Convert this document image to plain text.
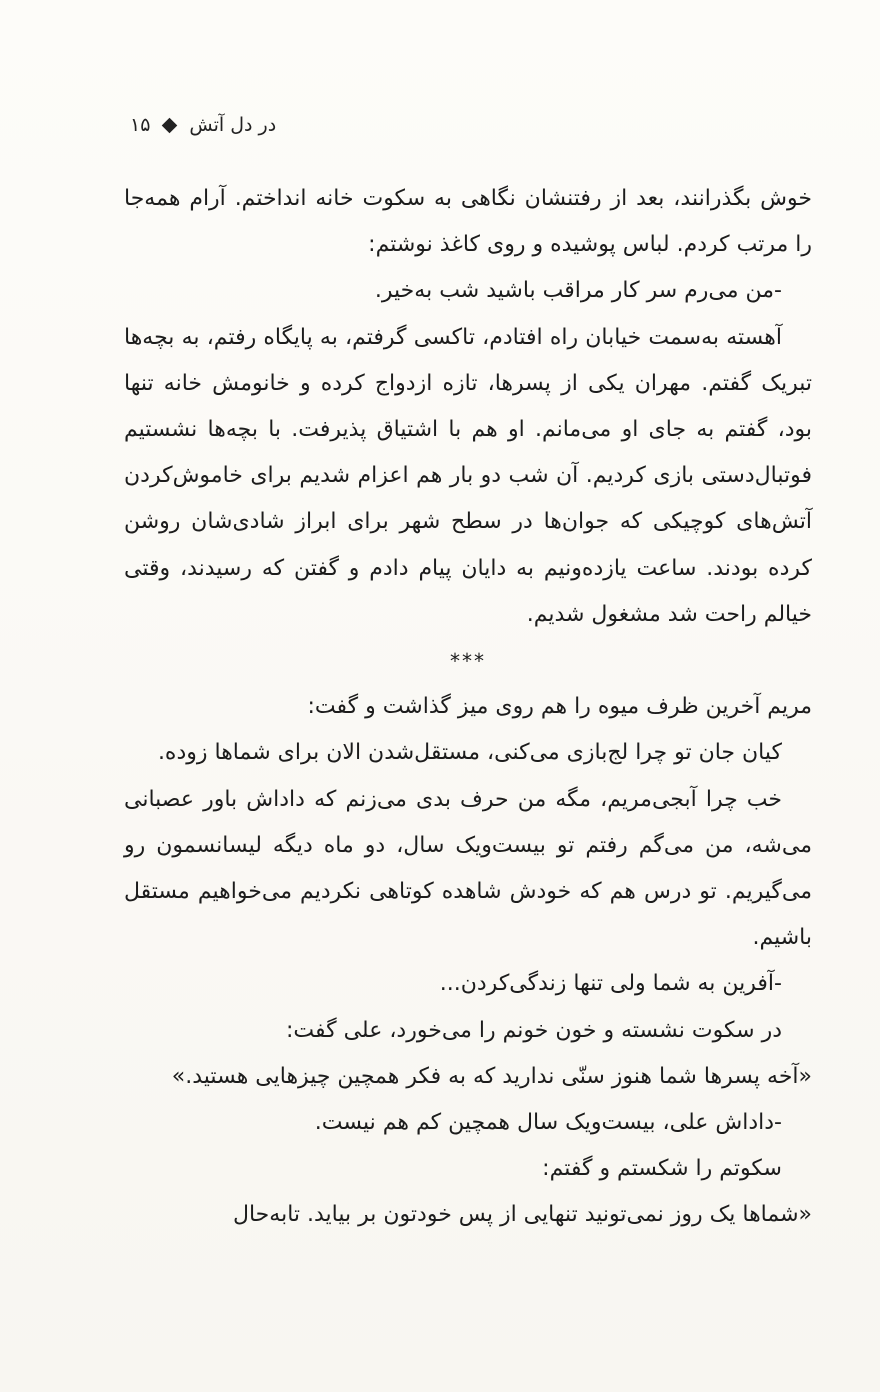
۱۵ در دل آتش

خوش بگذرانند، بعد از رفتنشان نگاهی به سکوت خانه انداختم. آرام همه‌جا را مرتب کردم. لباس پوشیده و روی کاغذ نوشتم:

-من می‌رم سر کار مراقب باشید شب به‌خیر.

آهسته به‌سمت خیابان راه افتادم، تاکسی گرفتم، به پایگاه رفتم، به بچه‌ها تبریک گفتم. مهران یکی از پسرها، تازه ازدواج کرده و خانومش خانه تنها بود، گفتم به جای او می‌مانم. او هم با اشتیاق پذیرفت. با بچه‌ها نشستیم فوتبال‌دستی بازی کردیم. آن شب دو بار هم اعزام شدیم برای خاموش‌کردن آتش‌های کوچیکی که جوان‌ها در سطح شهر برای ابراز شادی‌شان روشن کرده بودند. ساعت یازده‌ونیم به دایان پیام دادم و گفتن که رسیدند، وقتی خیالم راحت شد مشغول شدیم.

***

مریم آخرین ظرف میوه را هم روی میز گذاشت و گفت:

کیان جان تو چرا لج‌بازی می‌کنی، مستقل‌شدن الان برای شماها زوده.

خب چرا آبجی‌مریم، مگه من حرف بدی می‌زنم که داداش باور عصبانی می‌شه، من می‌گم رفتم تو بیست‌ویک سال، دو ماه دیگه لیسانسمون رو می‌گیریم. تو درس هم که خودش شاهده کوتاهی نکردیم می‌خواهیم مستقل باشیم.

-آفرین به شما ولی تنها زندگی‌کردن...

در سکوت نشسته و خون خونم را می‌خورد، علی گفت:

«آخه پسرها شما هنوز سنّی ندارید که به فکر همچین چیزهایی هستید.»

-داداش علی، بیست‌ویک سال همچین کم هم نیست.

سکوتم را شکستم و گفتم:

«شماها یک روز نمی‌تونید تنهایی از پس خودتون بر بیاید. تابه‌حال
